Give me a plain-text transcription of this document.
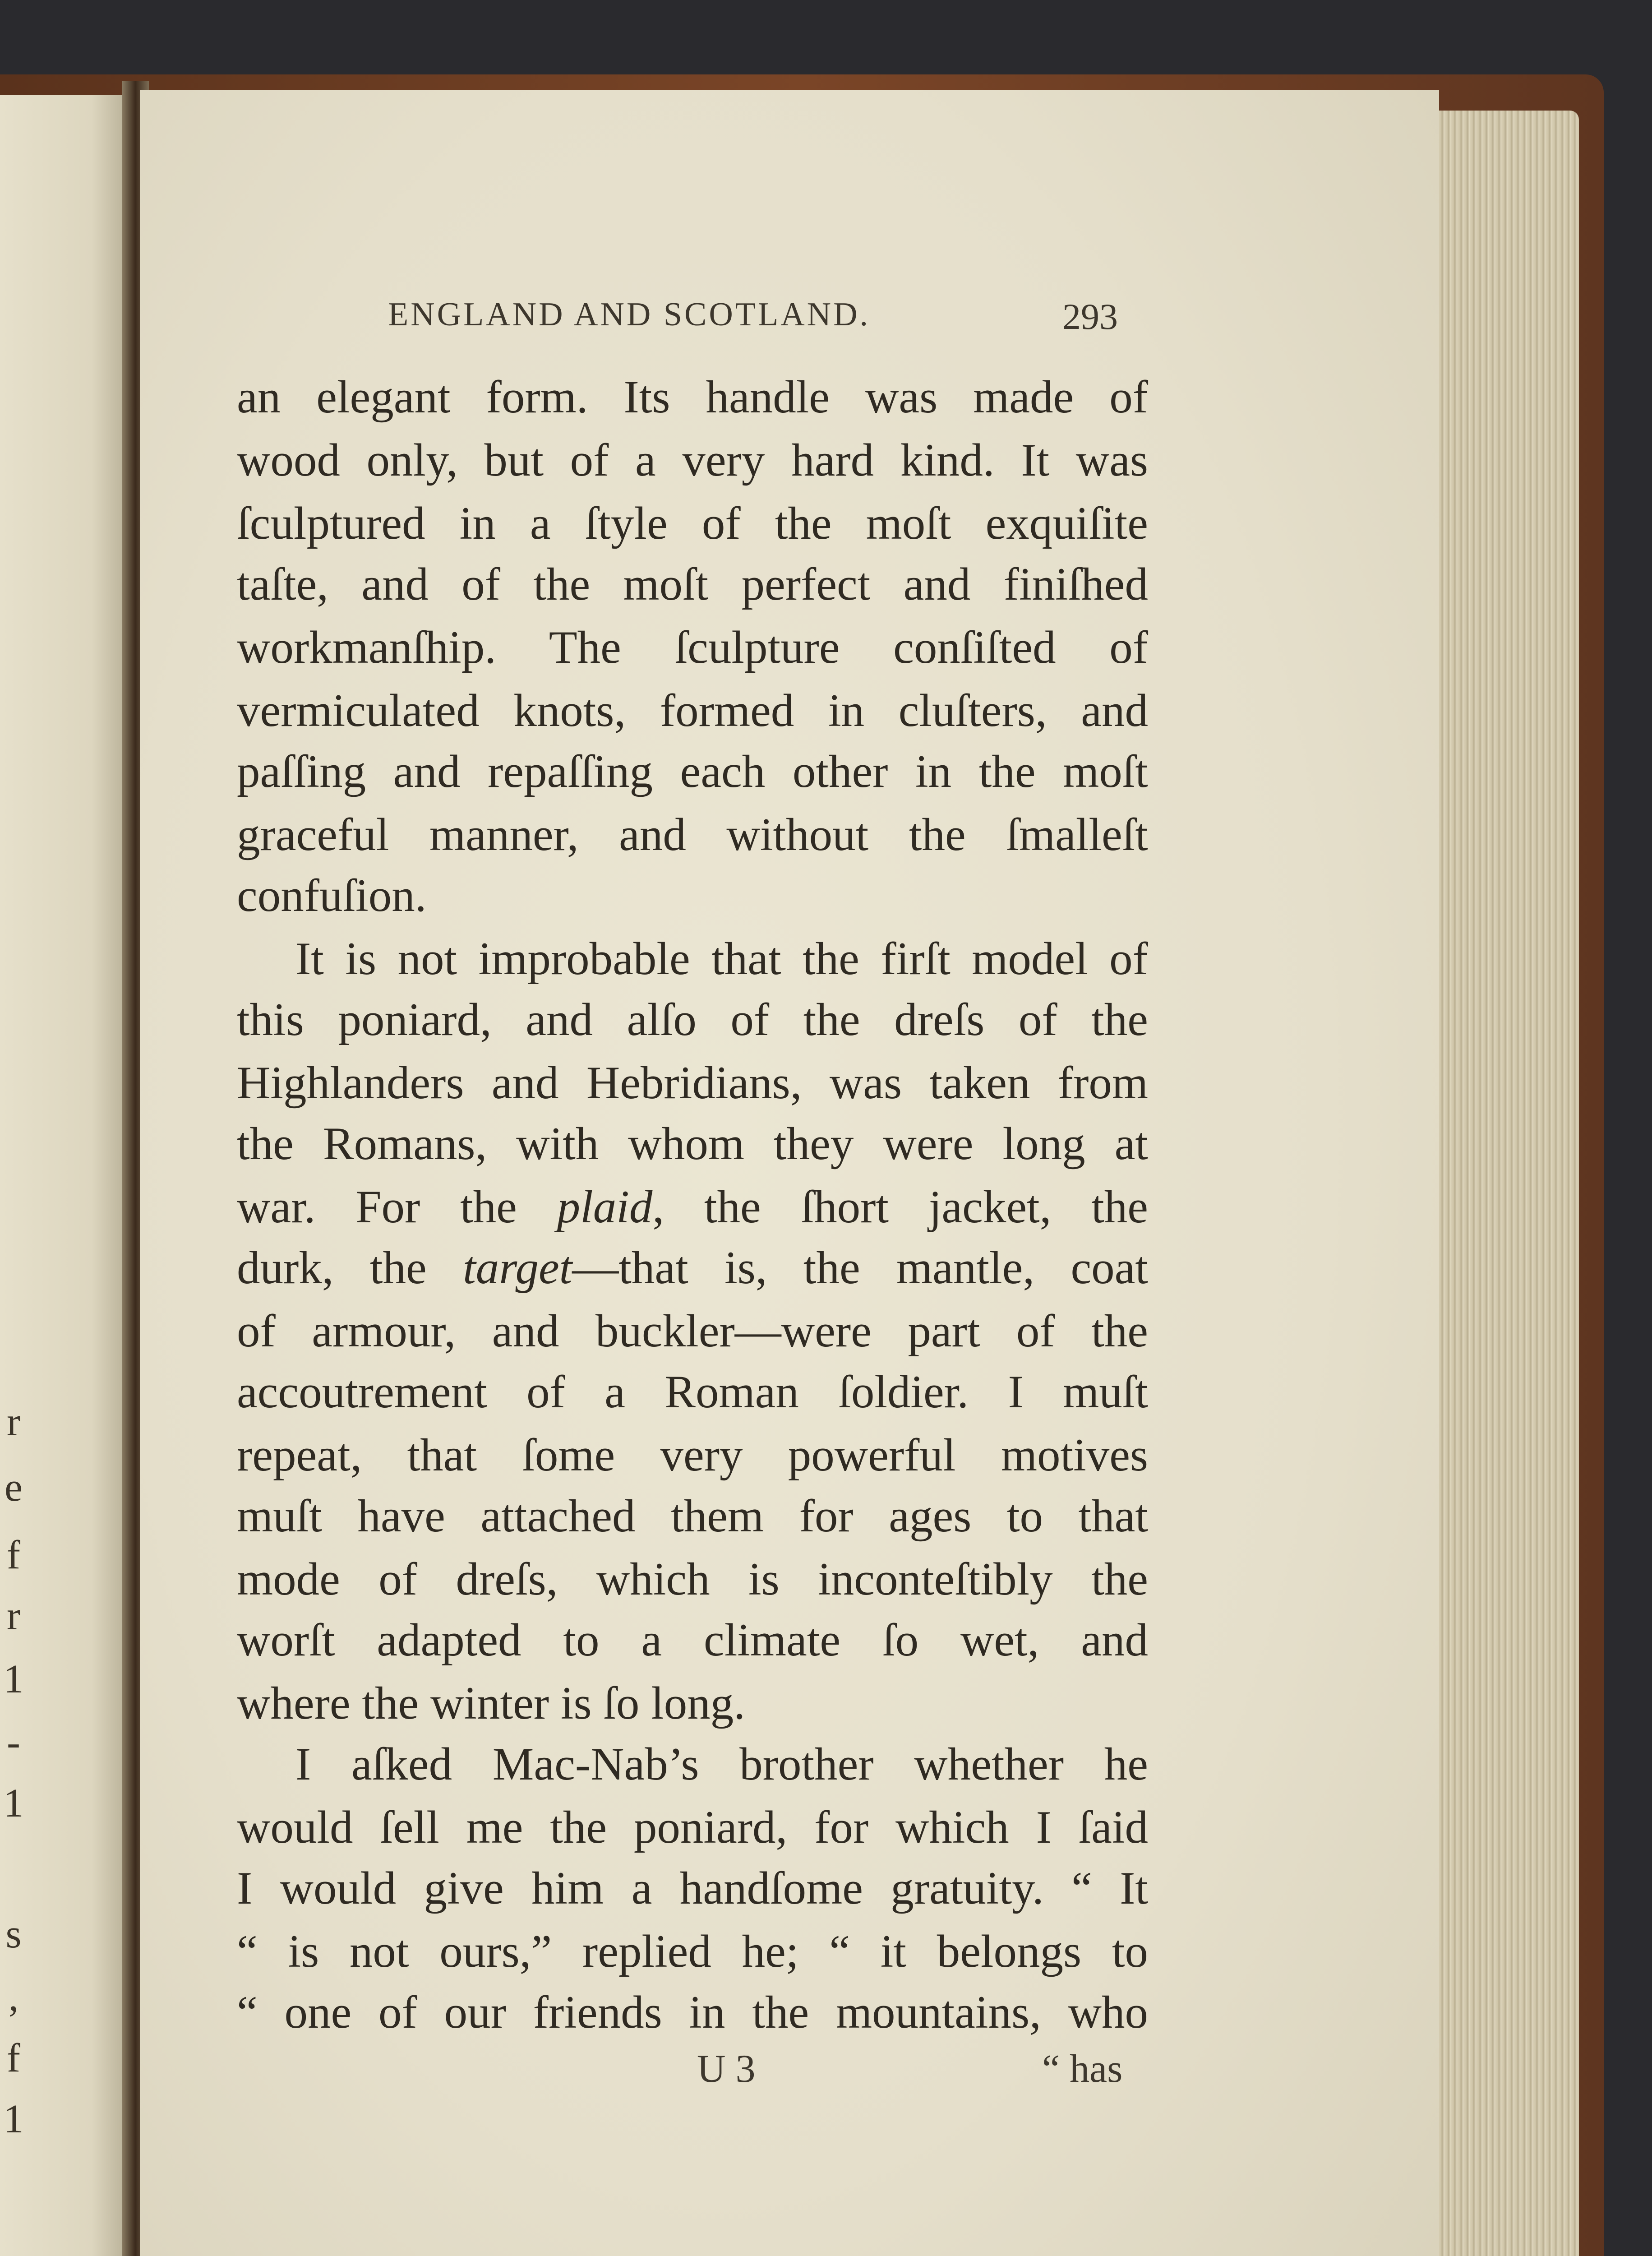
r
e
f
r
1
-
1
s
,
f
1
ENGLAND AND SCOTLAND.	293
an elegant form. Its handle was made of
wood only, but of a very hard kind. It was
ſculptured in a ſtyle of the moſt exquiſite
taſte, and of the moſt perfect and finiſhed
workmanſhip. The ſculpture conſiſted of
vermiculated knots, formed in cluſters, and
paſſing and repaſſing each other in the moſt
graceful manner, and without the ſmalleſt
confuſion.
It is not improbable that the firſt model of
this poniard, and alſo of the dreſs of the
Highlanders and Hebridians, was taken from
the Romans, with whom they were long at
war. For the plaid, the ſhort jacket, the
durk, the target—that is, the mantle, coat
of armour, and buckler—were part of the
accoutrement of a Roman ſoldier. I muſt
repeat, that ſome very powerful motives
muſt have attached them for ages to that
mode of dreſs, which is inconteſtibly the
worſt adapted to a climate ſo wet, and
where the winter is ſo long.
I aſked Mac-Nab’s brother whether he
would ſell me the poniard, for which I ſaid
I would give him a handſome gratuity. “ It
“ is not ours,” replied he; “ it belongs to
“ one of our friends in the mountains, who
U 3	“ has
